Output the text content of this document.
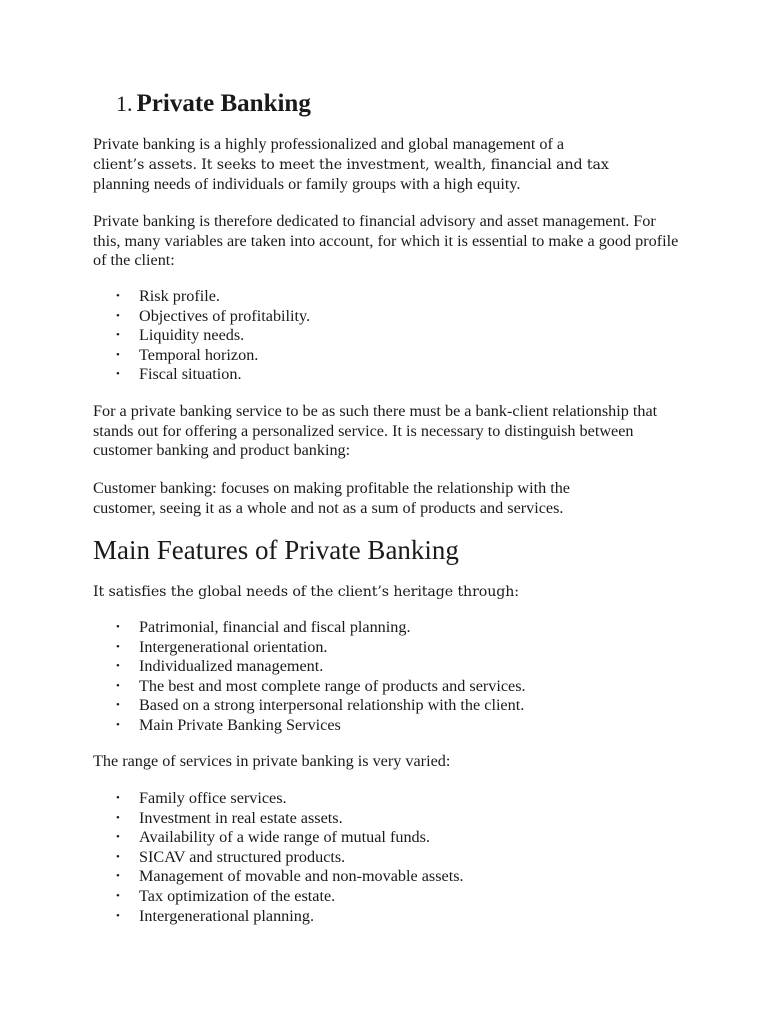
1. Private Banking

Private banking is a highly professionalized and global management of a
client’s assets. It seeks to meet the investment, wealth, financial and tax
planning needs of individuals or family groups with a high equity.

Private banking is therefore dedicated to financial advisory and asset management. For this, many variables are taken into account, for which it is essential to make a good profile of the client:

• Risk profile.
• Objectives of profitability.
• Liquidity needs.
• Temporal horizon.
• Fiscal situation.

For a private banking service to be as such there must be a bank-client relationship that stands out for offering a personalized service. It is necessary to distinguish between customer banking and product banking:

Customer banking: focuses on making profitable the relationship with the customer, seeing it as a whole and not as a sum of products and services.

Main Features of Private Banking

It satisfies the global needs of the client’s heritage through:

• Patrimonial, financial and fiscal planning.
• Intergenerational orientation.
• Individualized management.
• The best and most complete range of products and services.
• Based on a strong interpersonal relationship with the client.
• Main Private Banking Services

The range of services in private banking is very varied:

• Family office services.
• Investment in real estate assets.
• Availability of a wide range of mutual funds.
• SICAV and structured products.
• Management of movable and non-movable assets.
• Tax optimization of the estate.
• Intergenerational planning.
